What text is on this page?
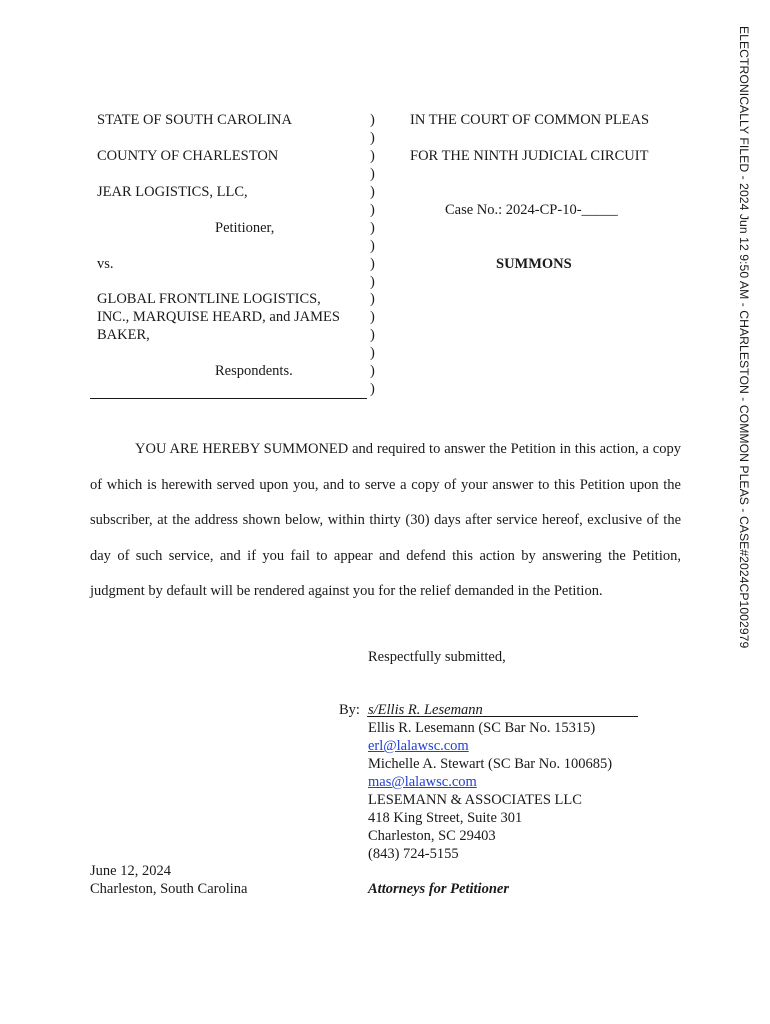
ELECTRONICALLY FILED - 2024 Jun 12 9:50 AM - CHARLESTON - COMMON PLEAS - CASE#2024CP1002979
STATE OF SOUTH CAROLINA
COUNTY OF CHARLESTON
JEAR LOGISTICS, LLC,
Petitioner,
vs.
GLOBAL FRONTLINE LOGISTICS,
INC., MARQUISE HEARD, and JAMES
BAKER,
Respondents.
)
)
)
)
)
)
)
)
)
)
)
)
)
)
)
)
IN THE COURT OF COMMON PLEAS
FOR THE NINTH JUDICIAL CIRCUIT
Case No.: 2024-CP-10-_____
SUMMONS
YOU ARE HEREBY SUMMONED and required to answer the Petition in this action, a copy of which is herewith served upon you, and to serve a copy of your answer to this Petition upon the subscriber, at the address shown below, within thirty (30) days after service hereof, exclusive of the day of such service, and if you fail to appear and defend this action by answering the Petition, judgment by default will be rendered against you for the relief demanded in the Petition.
Respectfully submitted,
By: s/Ellis R. Lesemann
Ellis R. Lesemann (SC Bar No. 15315)
erl@lalawsc.com
Michelle A. Stewart (SC Bar No. 100685)
mas@lalawsc.com
LESEMANN & ASSOCIATES LLC
418 King Street, Suite 301
Charleston, SC 29403
(843) 724-5155
Attorneys for Petitioner
June 12, 2024
Charleston, South Carolina
